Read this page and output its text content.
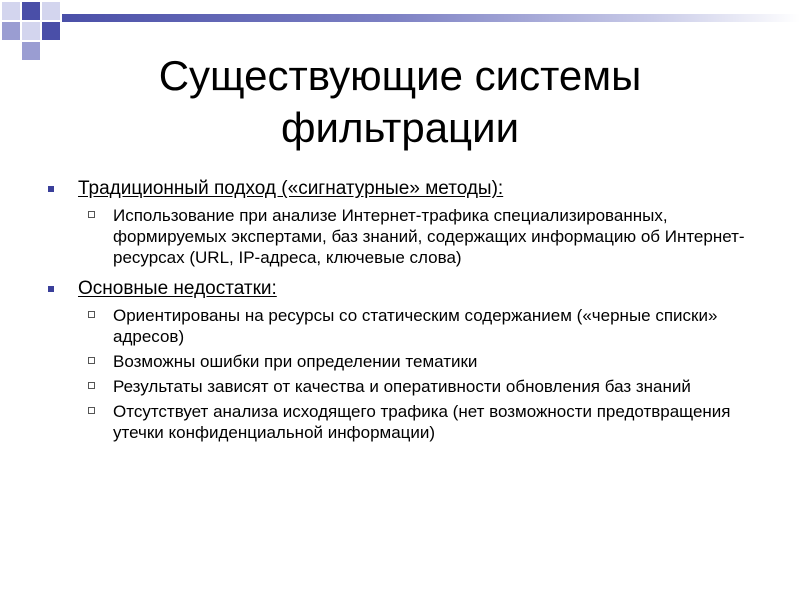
Существующие системы
фильтрации
Традиционный подход («сигнатурные» методы):
Использование при анализе Интернет-трафика специализированных, формируемых экспертами, баз знаний, содержащих информацию об Интернет-ресурсах (URL, IP-адреса, ключевые слова)
Основные недостатки:
Ориентированы на ресурсы со статическим содержанием («черные списки» адресов)
Возможны ошибки при определении тематики
Результаты зависят от качества и оперативности обновления баз знаний
Отсутствует анализа исходящего трафика (нет возможности предотвращения утечки конфиденциальной информации)
